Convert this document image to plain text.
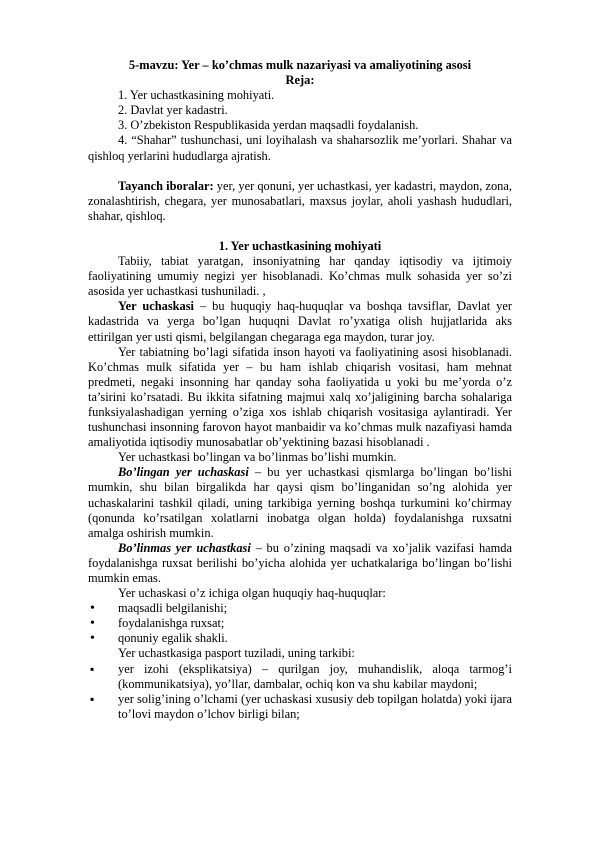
5-mavzu: Yer – ko’chmas mulk nazariyasi va amaliyotining asosi

Reja:

1. Yer uchastkasining mohiyati.

2. Davlat yer kadastri.

3. O’zbekiston Respublikasida yerdan maqsadli foydalanish.

4. “Shahar” tushunchasi, uni loyihalash va shaharsozlik me’yorlari. Shahar va qishloq yerlarini hududlarga ajratish.

Tayanch iboralar: yer, yer qonuni, yer uchastkasi, yer kadastri, maydon, zona, zonalashtirish, chegara, yer munosabatlari, maxsus joylar, aholi yashash hududlari, shahar, qishloq.

1. Yer uchastkasining mohiyati

Tabiiy, tabiat yaratgan, insoniyatning har qanday iqtisodiy va ijtimoiy faoliyatining umumiy negizi yer hisoblanadi. Ko’chmas mulk sohasida yer so’zi asosida yer uchastkasi tushuniladi. ,

Yer uchaskasi – bu huquqiy haq-huquqlar va boshqa tavsiflar, Davlat yer kadastrida va yerga bo’lgan huquqni Davlat ro’yxatiga olish hujjatlarida aks ettirilgan yer usti qismi, belgilangan chegaraga ega maydon, turar joy.

Yer tabiatning bo’lagi sifatida inson hayoti va faoliyatining asosi hisoblanadi. Ko’chmas mulk sifatida yer – bu ham ishlab chiqarish vositasi, ham mehnat predmeti, negaki insonning har qanday soha faoliyatida u yoki bu me’yorda o’z ta’sirini ko’rsatadi. Bu ikkita sifatning majmui xalq xo’jaligining barcha sohalariga funksiyalashadigan yerning o’ziga xos ishlab chiqarish vositasiga aylantiradi. Yer tushunchasi insonning farovon hayot manbaidir va ko’chmas mulk nazafiyasi hamda amaliyotida iqtisodiy munosabatlar ob’yektining bazasi hisoblanadi .

Yer uchastkasi bo’lingan va bo’linmas bo’lishi mumkin.

Bo’lingan yer uchaskasi – bu yer uchastkasi qismlarga bo’lingan bo’lishi mumkin, shu bilan birgalikda har qaysi qism bo’linganidan so’ng alohida yer uchaskalarini tashkil qiladi, uning tarkibiga yerning boshqa turkumini ko’chirmay (qonunda ko’rsatilgan xolatlarni inobatga olgan holda) foydalanishga ruxsatni amalga oshirish mumkin.

Bo’linmas yer uchastkasi – bu o’zining maqsadi va xo’jalik vazifasi hamda foydalanishga ruxsat berilishi bo’yicha alohida yer uchatkalariga bo’lingan bo’lishi mumkin emas.

Yer uchaskasi o’z ichiga olgan huquqiy haq-huquqlar:

• maqsadli belgilanishi;
• foydalanishga ruxsat;
• qonuniy egalik shakli.

Yer uchastkasiga pasport tuziladi, uning tarkibi:

▪ yer izohi (eksplikatsiya) – qurilgan joy, muhandislik, aloqa tarmog’i (kommunikatsiya), yo’llar, dambalar, ochiq kon va shu kabilar maydoni;
▪ yer solig’ining o’lchami (yer uchaskasi xususiy deb topilgan holatda) yoki ijara to’lovi maydon o’lchov birligi bilan;
